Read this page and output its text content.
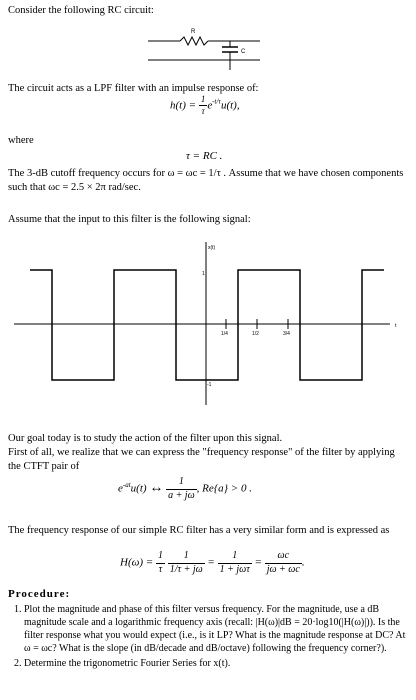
Consider the following RC circuit:
R
C
The circuit acts as a LPF filter with an impulse response of:
$h(t) = \frac{1}{\tau} e^{-t/\tau}u(t)$,
where
τ = RC .
The 3-dB cutoff frequency occurs for ω = ωc = 1/τ . Assume that we have chosen components such that ωc = 2.5 × 2π rad/sec.
Assume that the input to this filter is the following signal:
x(t)
1
-1
t
1/4	1/2	3/4
Our goal today is to study the action of the filter upon this signal.
First of all, we realize that we can express the "frequency response" of the filter by applying the CTFT pair of
$e^{-at}u(t)$ ↔ $\frac{1}{a + j\omega}$ , Re{a} > 0 .
The frequency response of our simple RC filter has a very similar form and is expressed as
$H(\omega) = \frac{1}{\tau}$
$\frac{1}{1/\tau + j\omega} = \frac{1}{\text{1 + jωτ}} = \frac{\omega c}{j\omega + \omega c}$ .
Procedure:
1. Plot the magnitude and phase of this filter versus frequency. For the magnitude, use a dB magnitude scale and a logarithmic frequency axis (recall: |H(ω)|dB = 20·log10(|H(ω)|)). Is the filter response what you would expect (i.e., is it LP? What is the magnitude response at DC? At ω = ωc? What is the slope (in dB/decade and dB/octave) following the frequency corner?).
2. Determine the trigonometric Fourier Series for x(t).
